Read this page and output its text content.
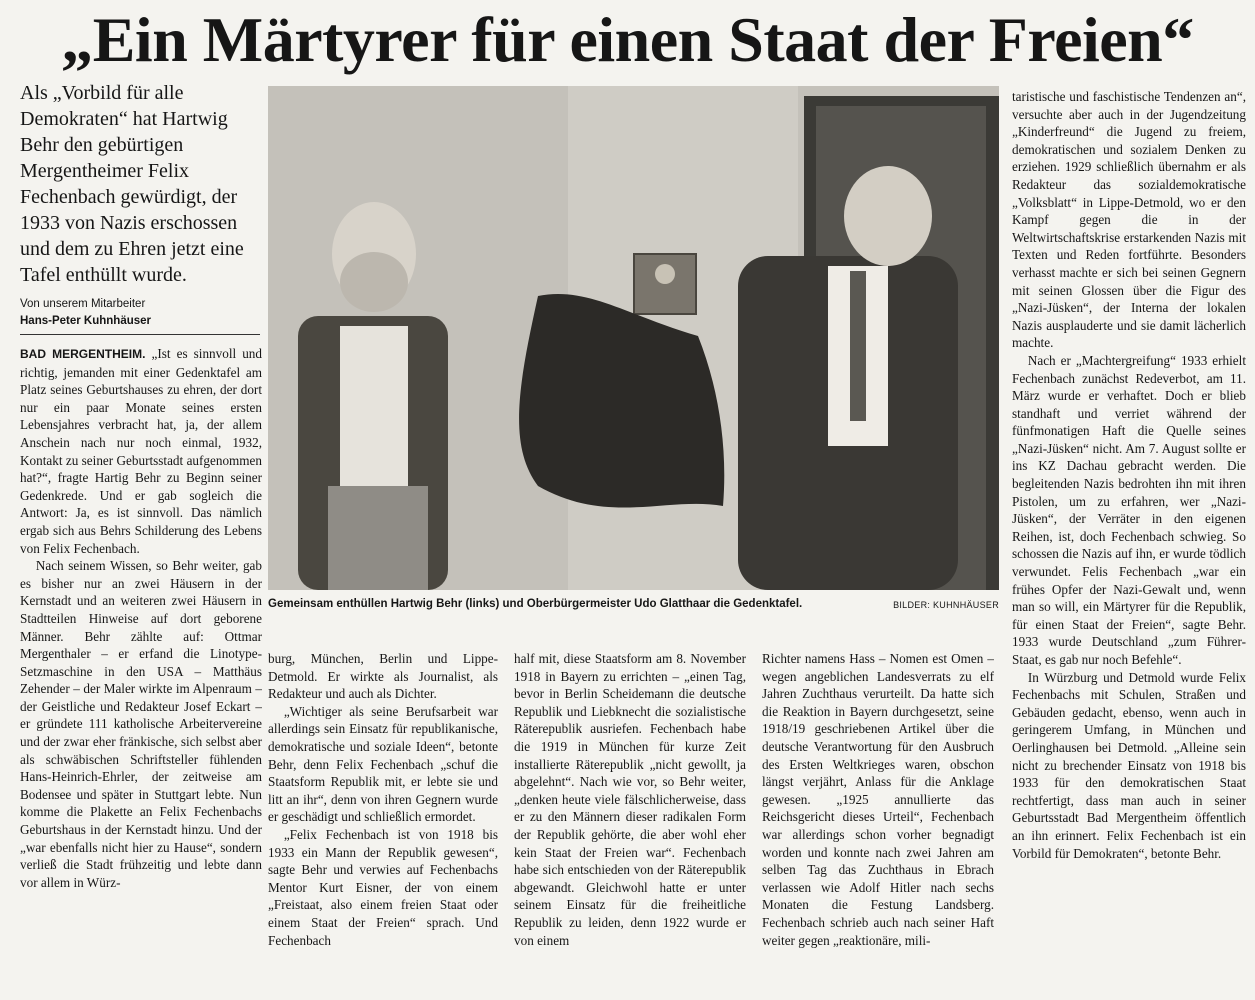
„Ein Märtyrer für einen Staat der Freien“
Als „Vorbild für alle Demokraten“ hat Hartwig Behr den gebürtigen Mergentheimer Felix Fechenbach gewürdigt, der 1933 von Nazis erschossen und dem zu Ehren jetzt eine Tafel enthüllt wurde.
Von unserem Mitarbeiter
Hans-Peter Kuhnhäuser

BAD MERGENTHEIM. „Ist es sinnvoll und richtig, jemanden mit einer Gedenktafel am Platz seines Geburtshauses zu ehren, der dort nur ein paar Monate seines ersten Lebensjahres verbracht hat, ja, der allem Anschein nach nur noch einmal, 1932, Kontakt zu seiner Geburtsstadt aufgenommen hat?“, fragte Hartig Behr zu Beginn seiner Gedenkrede. Und er gab sogleich die Antwort: Ja, es ist sinnvoll. Das nämlich ergab sich aus Behrs Schilderung des Lebens von Felix Fechenbach.

Nach seinem Wissen, so Behr weiter, gab es bisher nur an zwei Häusern in der Kernstadt und an weiteren zwei Häusern in Stadtteilen Hinweise auf dort geborene Männer. Behr zählte auf: Ottmar Mergenthaler – er erfand die Linotype-Setzmaschine in den USA – Matthäus Zehender – der Maler wirkte im Alpenraum – der Geistliche und Redakteur Josef Eckart – er gründete 111 katholische Arbeitervereine und der zwar eher fränkische, sich selbst aber als schwäbischen Schriftsteller fühlenden Hans-Heinrich-Ehrler, der zeitweise am Bodensee und später in Stuttgart lebte. Nun komme die Plakette an Felix Fechenbachs Geburtshaus in der Kernstadt hinzu. Und der „war ebenfalls nicht hier zu Hause“, sondern verließ die Stadt frühzeitig und lebte dann vor allem in Würz-

Gemeinsam enthüllen Hartwig Behr (links) und Oberbürgermeister Udo Glatthaar die Gedenktafel.	BILDER: KUHNHÄUSER

burg, München, Berlin und Lippe-Detmold. Er wirkte als Journalist, als Redakteur und auch als Dichter.

„Wichtiger als seine Berufsarbeit war allerdings sein Einsatz für republikanische, demokratische und soziale Ideen“, betonte Behr, denn Felix Fechenbach „schuf die Staatsform Republik mit, er lebte sie und litt an ihr“, denn von ihren Gegnern wurde er geschädigt und schließlich ermordet.

„Felix Fechenbach ist von 1918 bis 1933 ein Mann der Republik gewesen“, sagte Behr und verwies auf Fechenbachs Mentor Kurt Eisner, der von einem „Freistaat, also einem freien Staat oder einem Staat der Freien“ sprach. Und Fechenbach

half mit, diese Staatsform am 8. November 1918 in Bayern zu errichten – „einen Tag, bevor in Berlin Scheidemann die deutsche Republik und Liebknecht die sozialistische Räterepublik ausriefen. Fechenbach habe die 1919 in München für kurze Zeit installierte Räterepublik „nicht gewollt, ja abgelehnt“. Nach wie vor, so Behr weiter, „denken heute viele fälschlicherweise, dass er zu den Männern dieser radikalen Form der Republik gehörte, die aber wohl eher kein Staat der Freien war“. Fechenbach habe sich entschieden von der Räterepublik abgewandt. Gleichwohl hatte er unter seinem Einsatz für die freiheitliche Republik zu leiden, denn 1922 wurde er von einem

Richter namens Hass – Nomen est Omen – wegen angeblichen Landesverrats zu elf Jahren Zuchthaus verurteilt. Da hatte sich die Reaktion in Bayern durchgesetzt, seine 1918/19 geschriebenen Artikel über die deutsche Verantwortung für den Ausbruch des Ersten Weltkrieges waren, obschon längst verjährt, Anlass für die Anklage gewesen. „1925 annullierte das Reichsgericht dieses Urteil“, Fechenbach war allerdings schon vorher begnadigt worden und konnte nach zwei Jahren am selben Tag das Zuchthaus in Ebrach verlassen wie Adolf Hitler nach sechs Monaten die Festung Landsberg. Fechenbach schrieb auch nach seiner Haft weiter gegen „reaktionäre, mili-

taristische und faschistische Tendenzen an“, versuchte aber auch in der Jugendzeitung „Kinderfreund“ die Jugend zu freiem, demokratischen und sozialem Denken zu erziehen. 1929 schließlich übernahm er als Redakteur das sozialdemokratische „Volksblatt“ in Lippe-Detmold, wo er den Kampf gegen die in der Weltwirtschaftskrise erstarkenden Nazis mit Texten und Reden fortführte. Besonders verhasst machte er sich bei seinen Gegnern mit seinen Glossen über die Figur des „Nazi-Jüsken“, der Interna der lokalen Nazis ausplauderte und sie damit lächerlich machte.

Nach er „Machtergreifung“ 1933 erhielt Fechenbach zunächst Redeverbot, am 11. März wurde er verhaftet. Doch er blieb standhaft und verriet während der fünfmonatigen Haft die Quelle seines „Nazi-Jüsken“ nicht. Am 7. August sollte er ins KZ Dachau gebracht werden. Die begleitenden Nazis bedrohten ihn mit ihren Pistolen, um zu erfahren, wer „Nazi-Jüsken“, der Verräter in den eigenen Reihen, ist, doch Fechenbach schwieg. So schossen die Nazis auf ihn, er wurde tödlich verwundet. Felis Fechenbach „war ein frühes Opfer der Nazi-Gewalt und, wenn man so will, ein Märtyrer für die Republik, für einen Staat der Freien“, sagte Behr. 1933 wurde Deutschland „zum Führer-Staat, es gab nur noch Befehle“.

In Würzburg und Detmold wurde Felix Fechenbachs mit Schulen, Straßen und Gebäuden gedacht, ebenso, wenn auch in geringerem Umfang, in München und Oerlinghausen bei Detmold. „Alleine sein nicht zu brechender Einsatz von 1918 bis 1933 für den demokratischen Staat rechtfertigt, dass man auch in seiner Geburtsstadt Bad Mergentheim öffentlich an ihn erinnert. Felix Fechenbach ist ein Vorbild für Demokraten“, betonte Behr.
